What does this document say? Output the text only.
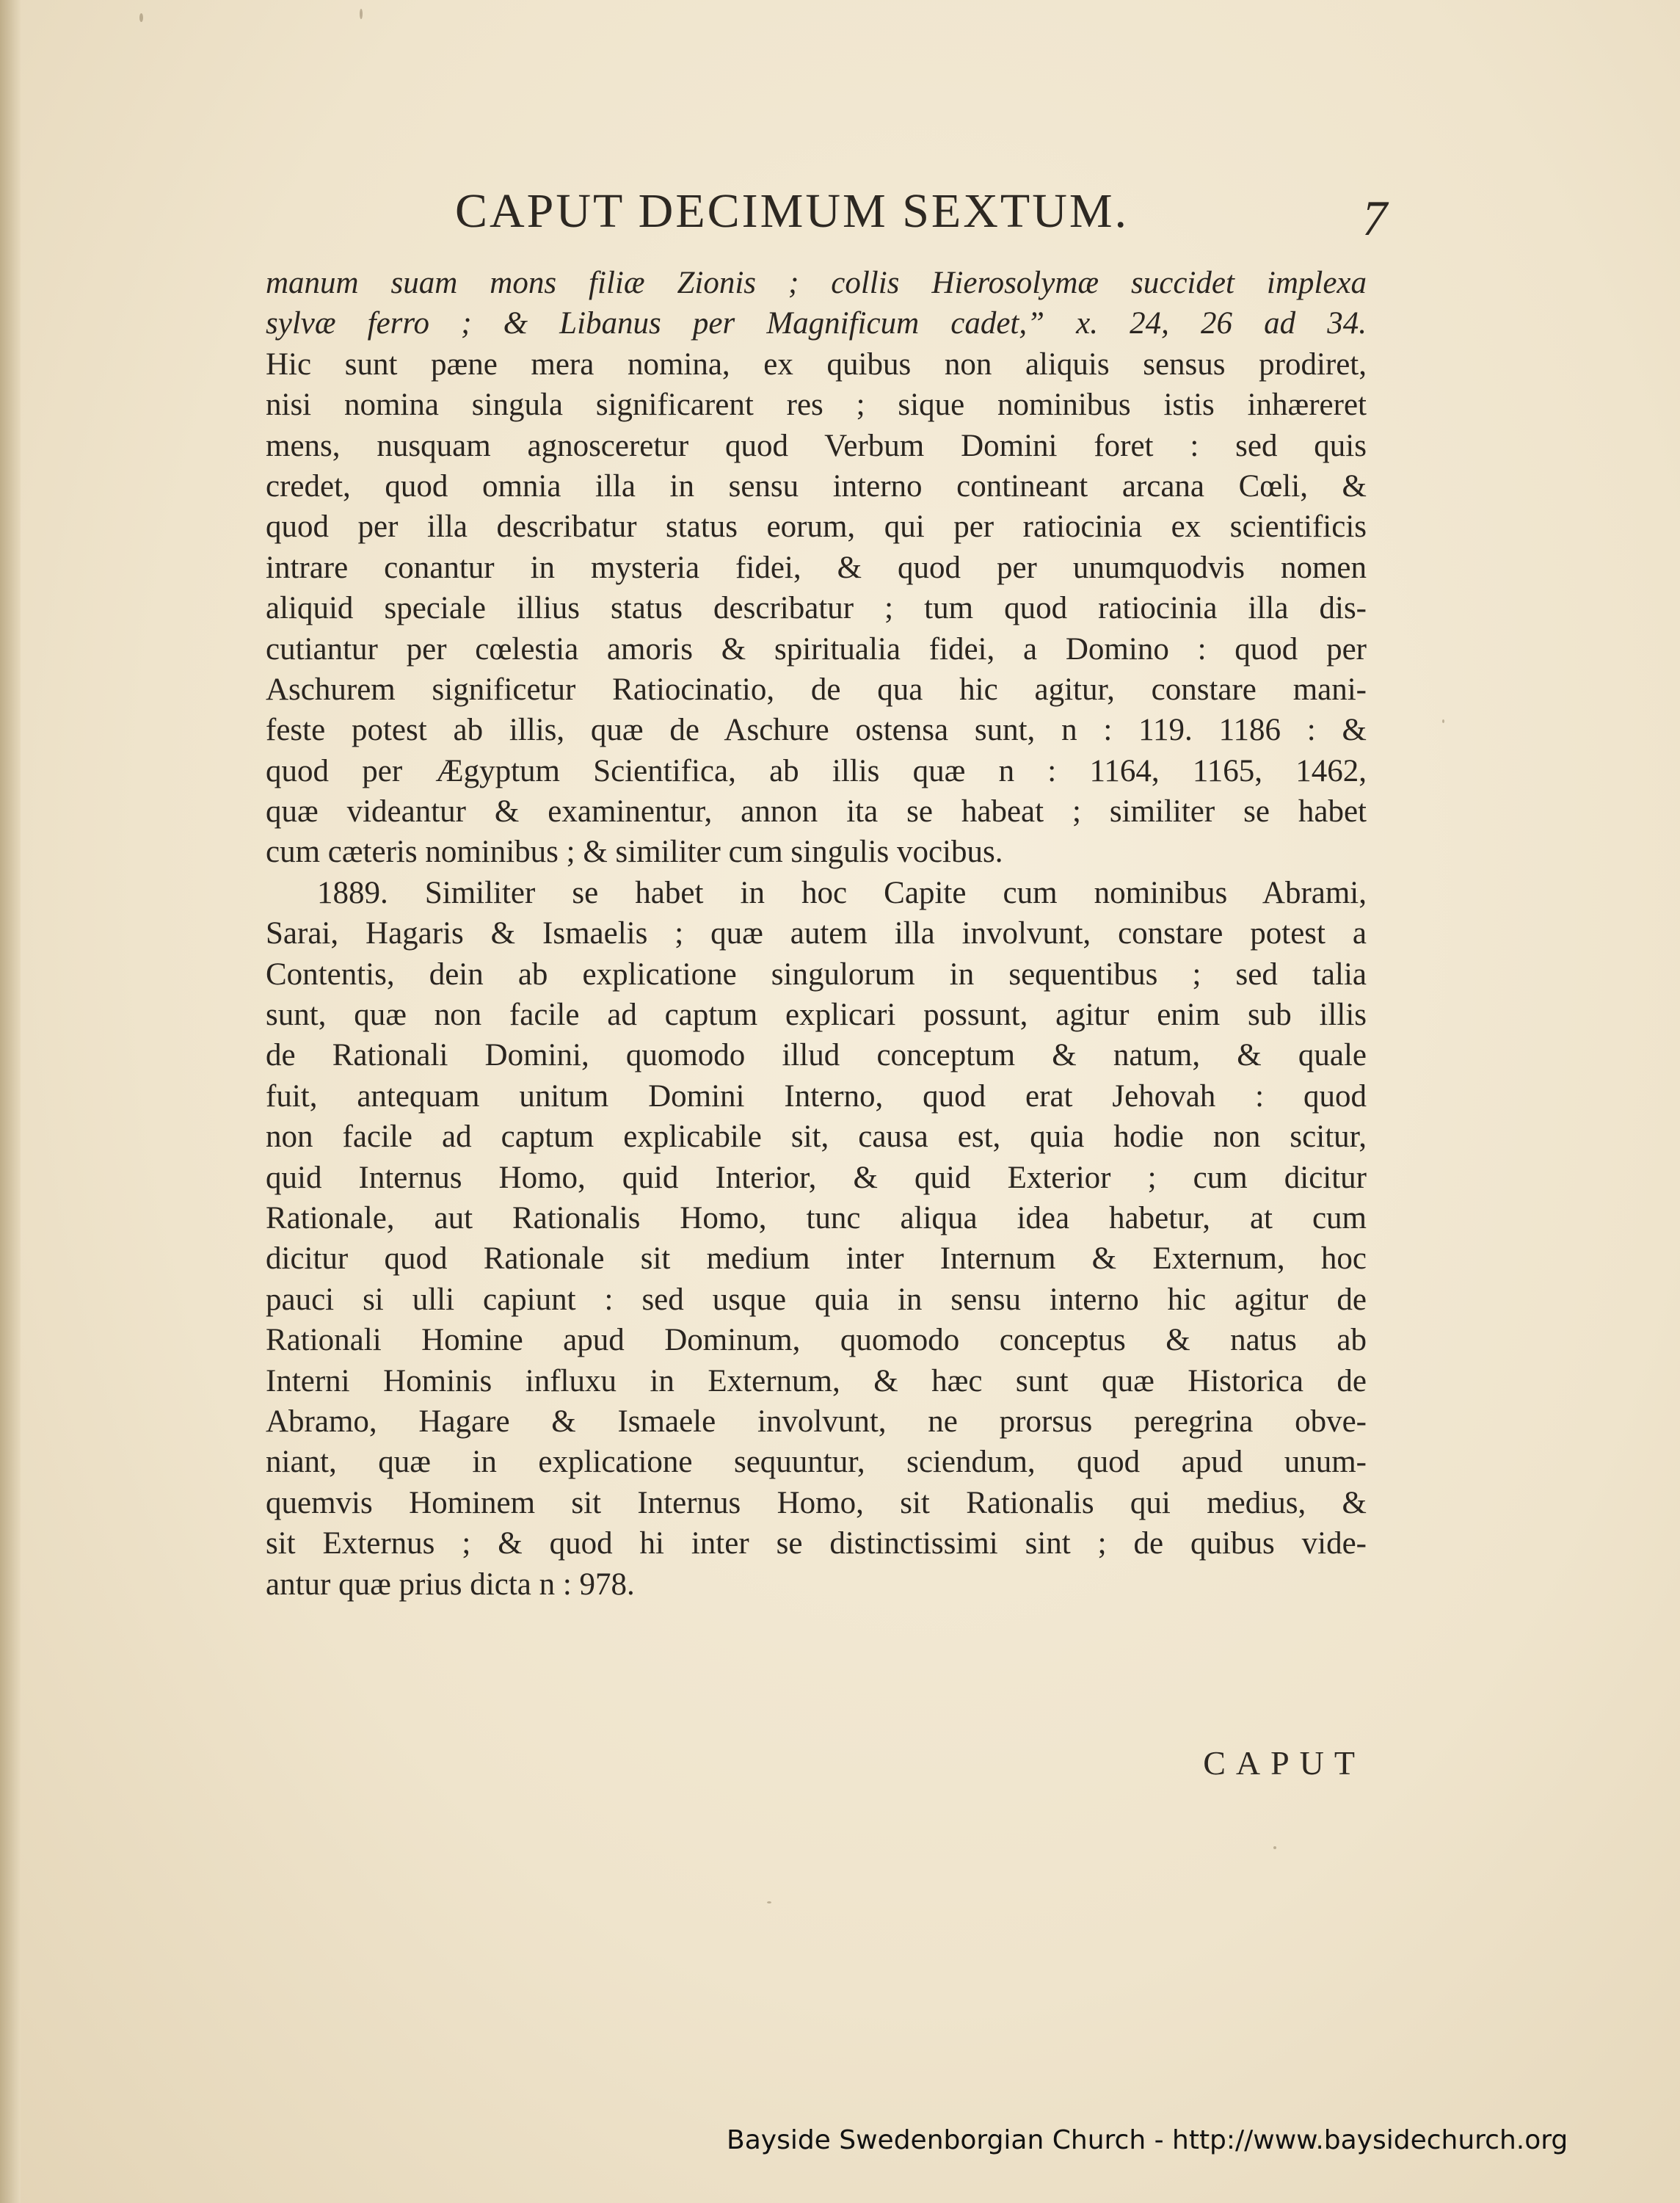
CAPUT DECIMUM SEXTUM.	7
manum suam mons filiæ Zionis ; collis Hierosolymæ succidet implexa
sylvæ ferro ; & Libanus per Magnificum cadet,” x. 24, 26 ad 34.
Hic sunt pæne mera nomina, ex quibus non aliquis sensus prodiret,
nisi nomina singula significarent res ; sique nominibus istis inhæreret
mens, nusquam agnosceretur quod Verbum Domini foret : sed quis
credet, quod omnia illa in sensu interno contineant arcana Cœli, &
quod per illa describatur status eorum, qui per ratiocinia ex scientificis
intrare conantur in mysteria fidei, & quod per unumquodvis nomen
aliquid speciale illius status describatur ; tum quod ratiocinia illa dis-
cutiantur per cœlestia amoris & spiritualia fidei, a Domino : quod per
Aschurem significetur Ratiocinatio, de qua hic agitur, constare mani-
feste potest ab illis, quæ de Aschure ostensa sunt, n : 119. 1186 : &
quod per Ægyptum Scientifica, ab illis quæ n : 1164, 1165, 1462,
quæ videantur & examinentur, annon ita se habeat ; similiter se habet
cum cæteris nominibus ; & similiter cum singulis vocibus.
1889. Similiter se habet in hoc Capite cum nominibus Abrami,
Sarai, Hagaris & Ismaelis ; quæ autem illa involvunt, constare potest a
Contentis, dein ab explicatione singulorum in sequentibus ; sed talia
sunt, quæ non facile ad captum explicari possunt, agitur enim sub illis
de Rationali Domini, quomodo illud conceptum & natum, & quale
fuit, antequam unitum Domini Interno, quod erat Jehovah : quod
non facile ad captum explicabile sit, causa est, quia hodie non scitur,
quid Internus Homo, quid Interior, & quid Exterior ; cum dicitur
Rationale, aut Rationalis Homo, tunc aliqua idea habetur, at cum
dicitur quod Rationale sit medium inter Internum & Externum, hoc
pauci si ulli capiunt : sed usque quia in sensu interno hic agitur de
Rationali Homine apud Dominum, quomodo conceptus & natus ab
Interni Hominis influxu in Externum, & hæc sunt quæ Historica de
Abramo, Hagare & Ismaele involvunt, ne prorsus peregrina obve-
niant, quæ in explicatione sequuntur, sciendum, quod apud unum-
quemvis Hominem sit Internus Homo, sit Rationalis qui medius, &
sit Externus ; & quod hi inter se distinctissimi sint ; de quibus vide-
antur quæ prius dicta n : 978.
CAPUT
Bayside Swedenborgian Church - http://www.baysidechurch.org
